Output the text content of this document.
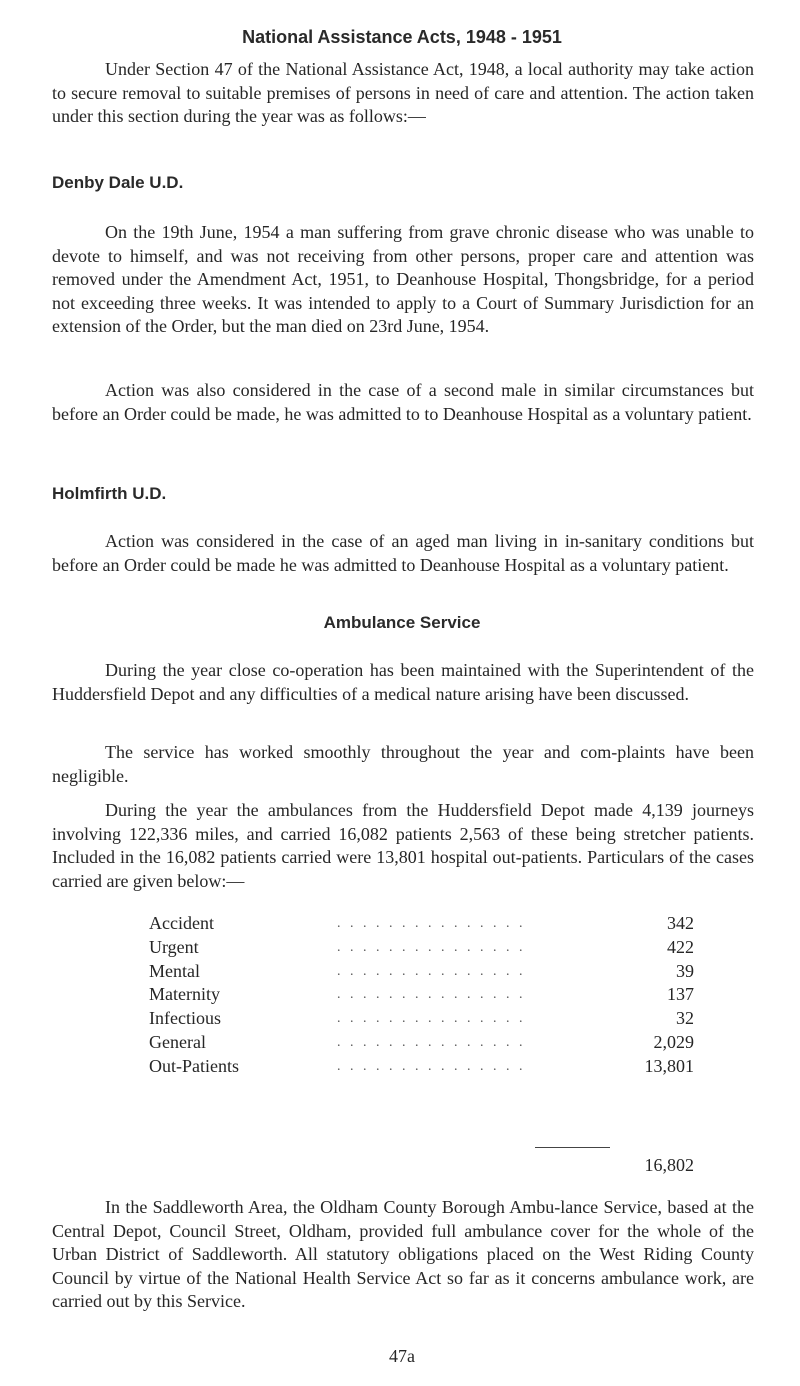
National Assistance Acts, 1948 - 1951

Under Section 47 of the National Assistance Act, 1948, a local authority may take action to secure removal to suitable premises of persons in need of care and attention. The action taken under this section during the year was as follows:—

Denby Dale U.D.

On the 19th June, 1954 a man suffering from grave chronic disease who was unable to devote to himself, and was not receiving from other persons, proper care and attention was removed under the Amendment Act, 1951, to Deanhouse Hospital, Thongsbridge, for a period not exceeding three weeks. It was intended to apply to a Court of Summary Jurisdiction for an extension of the Order, but the man died on 23rd June, 1954.

Action was also considered in the case of a second male in similar circumstances but before an Order could be made, he was admitted to to Deanhouse Hospital as a voluntary patient.

Holmfirth U.D.

Action was considered in the case of an aged man living in in-sanitary conditions but before an Order could be made he was admitted to Deanhouse Hospital as a voluntary patient.

Ambulance Service

During the year close co-operation has been maintained with the Superintendent of the Huddersfield Depot and any difficulties of a medical nature arising have been discussed.

The service has worked smoothly throughout the year and com-plaints have been negligible.

During the year the ambulances from the Huddersfield Depot made 4,139 journeys involving 122,336 miles, and carried 16,082 patients 2,563 of these being stretcher patients. Included in the 16,082 patients carried were 13,801 hospital out-patients. Particulars of the cases carried are given below:—

Accident	. . . . . . . . . . . . . . .	342
Urgent	. . . . . . . . . . . . . . .	422
Mental	. . . . . . . . . . . . . . .	39
Maternity	. . . . . . . . . . . . . . .	137
Infectious	. . . . . . . . . . . . . . .	32
General	. . . . . . . . . . . . . . .	2,029
Out-Patients	. . . . . . . . . . . . . . .	13,801
16,802

In the Saddleworth Area, the Oldham County Borough Ambu-lance Service, based at the Central Depot, Council Street, Oldham, provided full ambulance cover for the whole of the Urban District of Saddleworth. All statutory obligations placed on the West Riding County Council by virtue of the National Health Service Act so far as it concerns ambulance work, are carried out by this Service.

47a
